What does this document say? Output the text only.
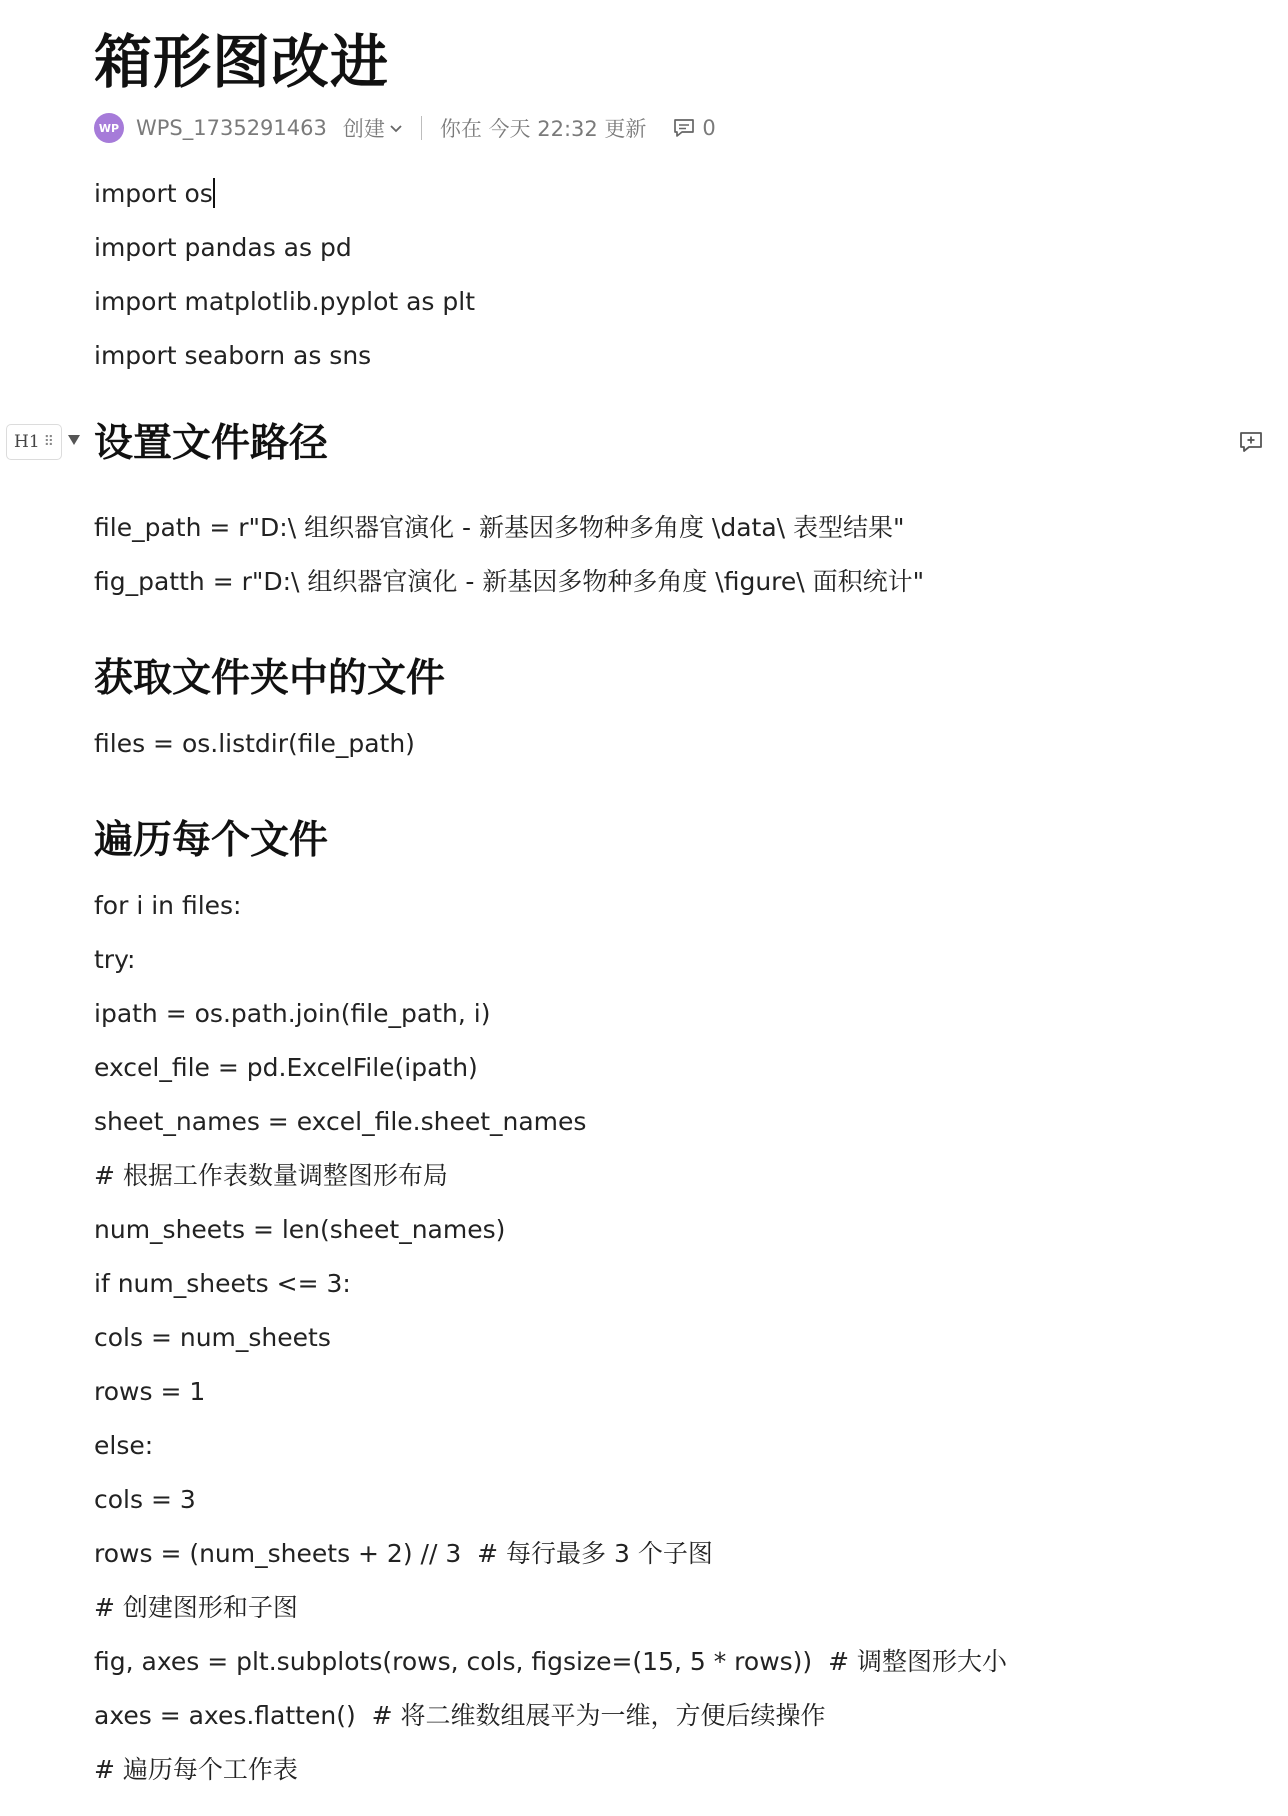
箱形图改进
WP WPS_1735291463 创建	你在 今天 22:32 更新	0
import os
import pandas as pd
import matplotlib.pyplot as plt
import seaborn as sns
设置文件路径
file_path = r"D:\ 组织器官演化 - 新基因多物种多角度 \data\ 表型结果"
fig_patth = r"D:\ 组织器官演化 - 新基因多物种多角度 \figure\ 面积统计"
获取文件夹中的文件
files = os.listdir(file_path)
遍历每个文件
for i in files:
try:
ipath = os.path.join(file_path, i)
excel_file = pd.ExcelFile(ipath)
sheet_names = excel_file.sheet_names
# 根据工作表数量调整图形布局
num_sheets = len(sheet_names)
if num_sheets <= 3:
cols = num_sheets
rows = 1
else:
cols = 3
rows = (num_sheets + 2) // 3  # 每行最多 3 个子图
# 创建图形和子图
fig, axes = plt.subplots(rows, cols, figsize=(15, 5 * rows))  # 调整图形大小
axes = axes.flatten()  # 将二维数组展平为一维，方便后续操作
# 遍历每个工作表
H1 ⠿
